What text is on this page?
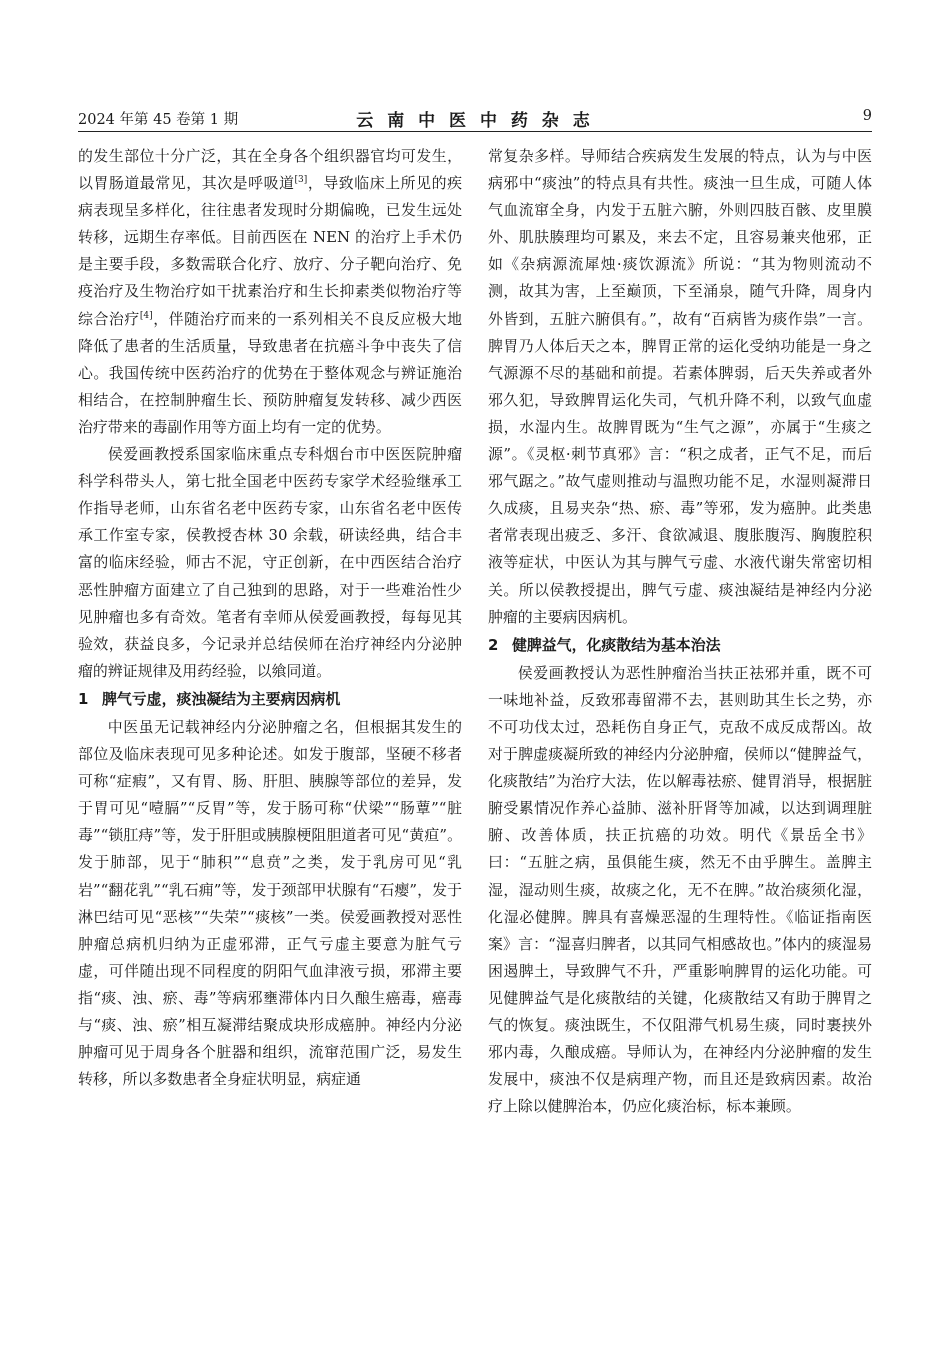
2024 年第 45 卷第 1 期	云 南 中 医 中 药 杂 志	9

的发生部位十分广泛，其在全身各个组织器官均可发生，以胃肠道最常见，其次是呼吸道[3]，导致临床上所见的疾病表现呈多样化，往往患者发现时分期偏晚，已发生远处转移，远期生存率低。目前西医在 NEN 的治疗上手术仍是主要手段，多数需联合化疗、放疗、分子靶向治疗、免疫治疗及生物治疗如干扰素治疗和生长抑素类似物治疗等综合治疗[4]，伴随治疗而来的一系列相关不良反应极大地降低了患者的生活质量，导致患者在抗癌斗争中丧失了信心。我国传统中医药治疗的优势在于整体观念与辨证施治相结合，在控制肿瘤生长、预防肿瘤复发转移、减少西医治疗带来的毒副作用等方面上均有一定的优势。

侯爱画教授系国家临床重点专科烟台市中医医院肿瘤科学科带头人，第七批全国老中医药专家学术经验继承工作指导老师，山东省名老中医药专家，山东省名老中医传承工作室专家，侯教授杏林 30 余载，研读经典，结合丰富的临床经验，师古不泥，守正创新，在中西医结合治疗恶性肿瘤方面建立了自己独到的思路，对于一些难治性少见肿瘤也多有奇效。笔者有幸师从侯爱画教授，每每见其验效，获益良多，今记录并总结侯师在治疗神经内分泌肿瘤的辨证规律及用药经验，以飨同道。

1 脾气亏虚，痰浊凝结为主要病因病机

中医虽无记载神经内分泌肿瘤之名，但根据其发生的部位及临床表现可见多种论述。如发于腹部，坚硬不移者可称“症瘕”，又有胃、肠、肝胆、胰腺等部位的差异，发于胃可见“噎膈”“反胃”等，发于肠可称“伏梁”“肠蕈”“脏毒”“锁肛痔”等，发于肝胆或胰腺梗阻胆道者可见“黄疸”。发于肺部，见于“肺积”“息贲”之类，发于乳房可见“乳岩”“翻花乳”“乳石痈”等，发于颈部甲状腺有“石瘿”，发于淋巴结可见“恶核”“失荣”“痰核”一类。侯爱画教授对恶性肿瘤总病机归纳为正虚邪滞，正气亏虚主要意为脏气亏虚，可伴随出现不同程度的阴阳气血津液亏损，邪滞主要指“痰、浊、瘀、毒”等病邪壅滞体内日久酿生癌毒，癌毒与“痰、浊、瘀”相互凝滞结聚成块形成癌肿。神经内分泌肿瘤可见于周身各个脏器和组织，流窜范围广泛，易发生转移，所以多数患者全身症状明显，病症通

常复杂多样。导师结合疾病发生发展的特点，认为与中医病邪中“痰浊”的特点具有共性。痰浊一旦生成，可随人体气血流窜全身，内发于五脏六腑，外则四肢百骸、皮里膜外、肌肤腠理均可累及，来去不定，且容易兼夹他邪，正如《杂病源流犀烛·痰饮源流》所说：“其为物则流动不测，故其为害，上至巅顶，下至涌泉，随气升降，周身内外皆到，五脏六腑俱有。”，故有“百病皆为痰作祟”一言。脾胃乃人体后天之本，脾胃正常的运化受纳功能是一身之气源源不尽的基础和前提。若素体脾弱，后天失养或者外邪久犯，导致脾胃运化失司，气机升降不利，以致气血虚损，水湿内生。故脾胃既为“生气之源”，亦属于“生痰之源”。《灵枢·刺节真邪》言：“积之成者，正气不足，而后邪气踞之。”故气虚则推动与温煦功能不足，水湿则凝滞日久成痰，且易夹杂“热、瘀、毒”等邪，发为癌肿。此类患者常表现出疲乏、多汗、食欲减退、腹胀腹泻、胸腹腔积液等症状，中医认为其与脾气亏虚、水液代谢失常密切相关。所以侯教授提出，脾气亏虚、痰浊凝结是神经内分泌肿瘤的主要病因病机。

2 健脾益气，化痰散结为基本治法

侯爱画教授认为恶性肿瘤治当扶正祛邪并重，既不可一味地补益，反致邪毒留滞不去，甚则助其生长之势，亦不可功伐太过，恐耗伤自身正气，克敌不成反成帮凶。故对于脾虚痰凝所致的神经内分泌肿瘤，侯师以“健脾益气，化痰散结”为治疗大法，佐以解毒祛瘀、健胃消导，根据脏腑受累情况作养心益肺、滋补肝肾等加减，以达到调理脏腑、改善体质，扶正抗癌的功效。明代《景岳全书》曰：“五脏之病，虽俱能生痰，然无不由乎脾生。盖脾主湿，湿动则生痰，故痰之化，无不在脾。”故治痰须化湿，化湿必健脾。脾具有喜燥恶湿的生理特性。《临证指南医案》言：“湿喜归脾者，以其同气相感故也。”体内的痰湿易困遏脾土，导致脾气不升，严重影响脾胃的运化功能。可见健脾益气是化痰散结的关键，化痰散结又有助于脾胃之气的恢复。痰浊既生，不仅阻滞气机易生痰，同时裹挟外邪内毒，久酿成癌。导师认为，在神经内分泌肿瘤的发生发展中，痰浊不仅是病理产物，而且还是致病因素。故治疗上除以健脾治本，仍应化痰治标，标本兼顾。
